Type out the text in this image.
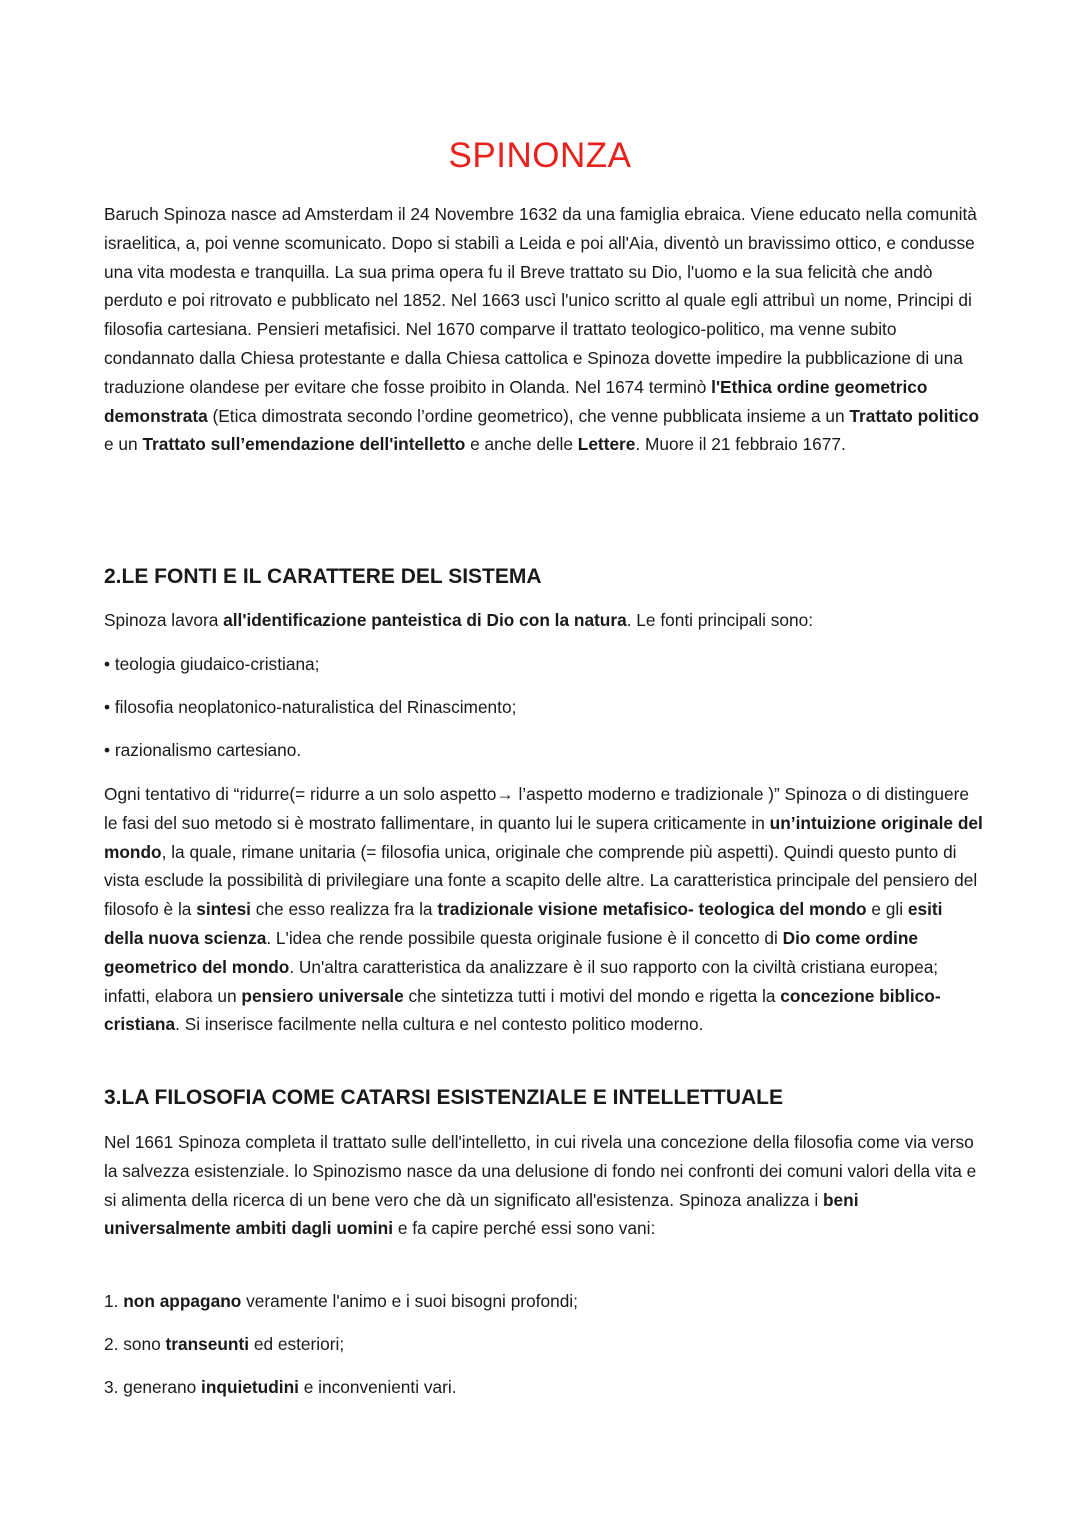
SPINONZA

Baruch Spinoza nasce ad Amsterdam il 24 Novembre 1632 da una famiglia ebraica. Viene educato nella comunità israelitica, a, poi venne scomunicato. Dopo si stabilì a Leida e poi all'Aia, diventò un bravissimo ottico, e condusse una vita modesta e tranquilla. La sua prima opera fu il Breve trattato su Dio, l'uomo e la sua felicità che andò perduto e poi ritrovato e pubblicato nel 1852. Nel 1663 uscì l'unico scritto al quale egli attribuì un nome, Principi di filosofia cartesiana. Pensieri metafisici. Nel 1670 comparve il trattato teologico-politico, ma venne subito condannato dalla Chiesa protestante e dalla Chiesa cattolica e Spinoza dovette impedire la pubblicazione di una traduzione olandese per evitare che fosse proibito in Olanda. Nel 1674 terminò l'Ethica ordine geometrico demonstrata (Etica dimostrata secondo l’ordine geometrico), che venne pubblicata insieme a un Trattato politico e un Trattato sull’emendazione dell'intelletto e anche delle Lettere. Muore il 21 febbraio 1677.

2.LE FONTI E IL CARATTERE DEL SISTEMA

Spinoza lavora all'identificazione panteistica di Dio con la natura. Le fonti principali sono:

• teologia giudaico-cristiana;

• filosofia neoplatonico-naturalistica del Rinascimento;

• razionalismo cartesiano.

Ogni tentativo di “ridurre(= ridurre a un solo aspetto→ l’aspetto moderno e tradizionale )” Spinoza o di distinguere le fasi del suo metodo si è mostrato fallimentare, in quanto lui le supera criticamente in un’intuizione originale del mondo, la quale, rimane unitaria (= filosofia unica, originale che comprende più aspetti). Quindi questo punto di vista esclude la possibilità di privilegiare una fonte a scapito delle altre. La caratteristica principale del pensiero del filosofo è la sintesi che esso realizza fra la tradizionale visione metafisico- teologica del mondo e gli esiti della nuova scienza. L'idea che rende possibile questa originale fusione è il concetto di Dio come ordine geometrico del mondo. Un'altra caratteristica da analizzare è il suo rapporto con la civiltà cristiana europea; infatti, elabora un pensiero universale che sintetizza tutti i motivi del mondo e rigetta la concezione biblico-cristiana. Si inserisce facilmente nella cultura e nel contesto politico moderno.

3.LA FILOSOFIA COME CATARSI ESISTENZIALE E INTELLETTUALE

Nel 1661 Spinoza completa il trattato sulle dell'intelletto, in cui rivela una concezione della filosofia come via verso la salvezza esistenziale. lo Spinozismo nasce da una delusione di fondo nei confronti dei comuni valori della vita e si alimenta della ricerca di un bene vero che dà un significato all'esistenza. Spinoza analizza i beni universalmente ambiti dagli uomini e fa capire perché essi sono vani:

1. non appagano veramente l'animo e i suoi bisogni profondi;

2. sono transeunti ed esteriori;

3. generano inquietudini e inconvenienti vari.
